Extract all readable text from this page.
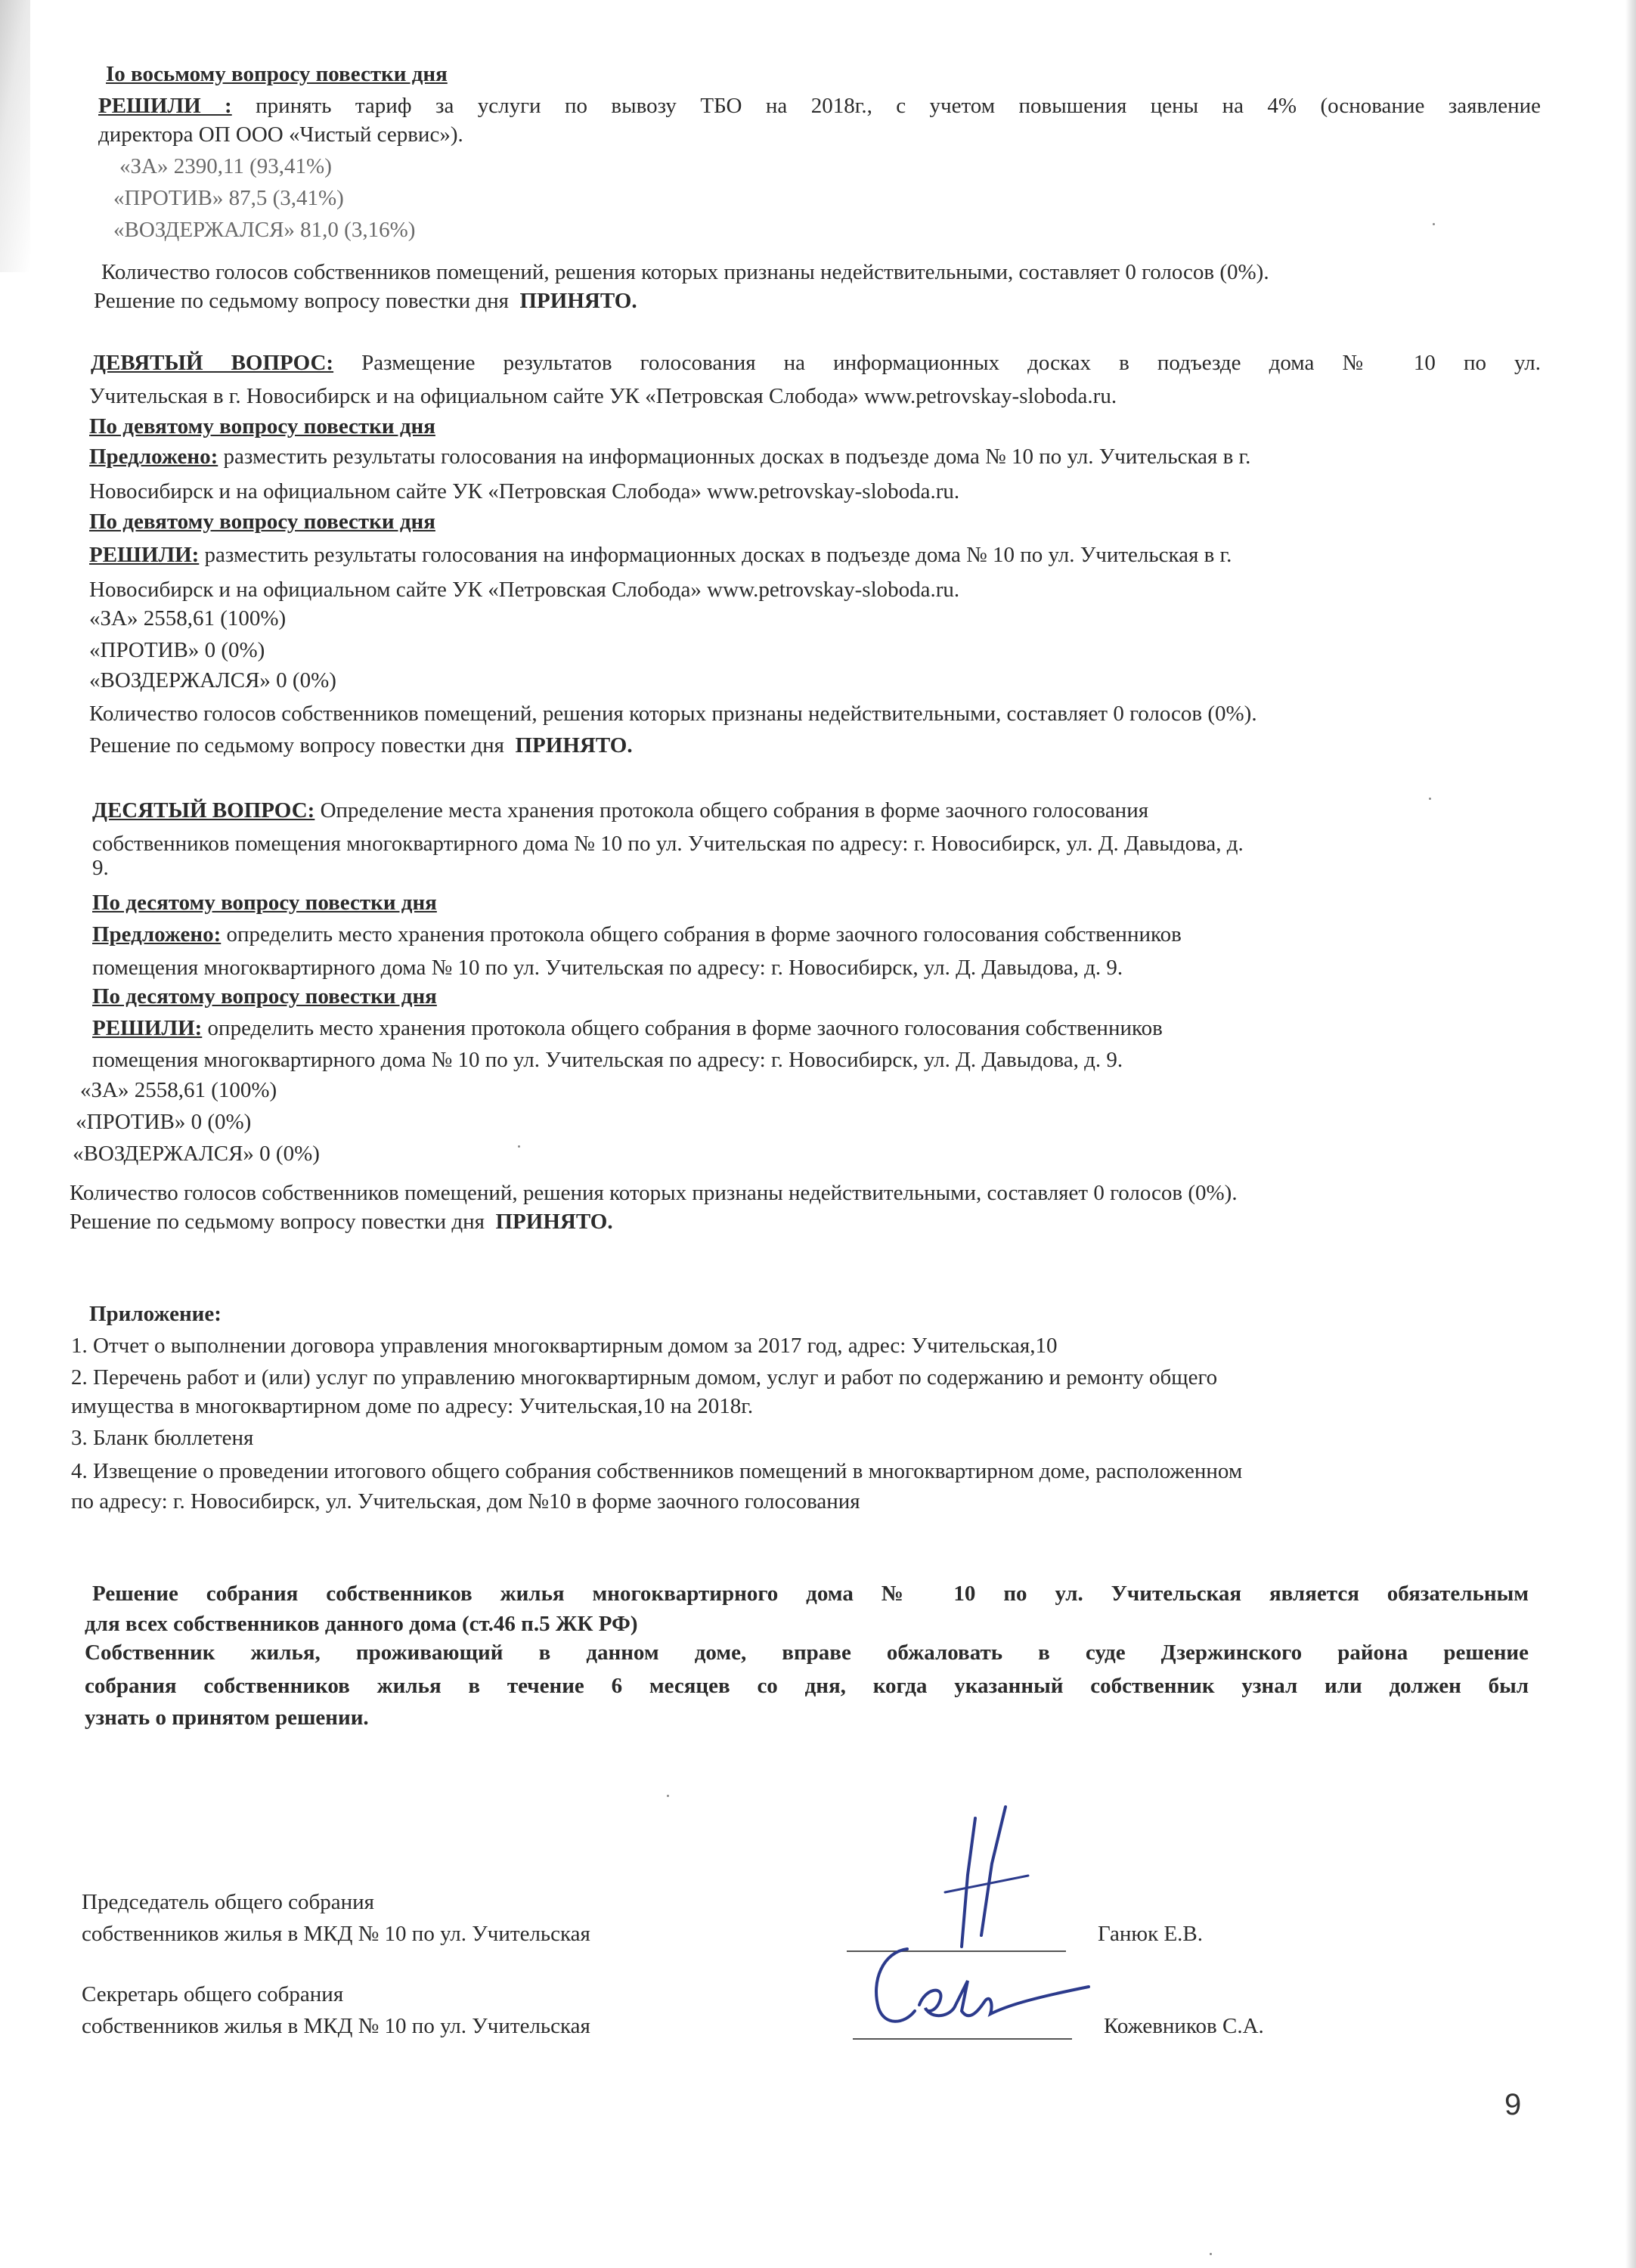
Іо восьмому вопросу повестки дня
РЕШИЛИ : принять тариф за услуги по вывозу ТБО на 2018г., с учетом повышения цены на 4% (основание заявление
директора ОП ООО «Чистый сервис»).
«ЗА» 2390,11 (93,41%)
«ПРОТИВ» 87,5 (3,41%)
«ВОЗДЕРЖАЛСЯ» 81,0 (3,16%)
Количество голосов собственников помещений, решения которых признаны недействительными, составляет 0 голосов (0%).
Решение по седьмому вопросу повестки дня ПРИНЯТО.
ДЕВЯТЫЙ ВОПРОС: Размещение результатов голосования на информационных досках в подъезде дома № 10 по ул.
Учительская в г. Новосибирск и на официальном сайте УК «Петровская Слобода» www.petrovskay-sloboda.ru.
По девятому вопросу повестки дня
Предложено: разместить результаты голосования на информационных досках в подъезде дома № 10 по ул. Учительская в г.
Новосибирск и на официальном сайте УК «Петровская Слобода» www.petrovskay-sloboda.ru.
По девятому вопросу повестки дня
РЕШИЛИ: разместить результаты голосования на информационных досках в подъезде дома № 10 по ул. Учительская в г.
Новосибирск и на официальном сайте УК «Петровская Слобода» www.petrovskay-sloboda.ru.
«ЗА» 2558,61 (100%)
«ПРОТИВ» 0 (0%)
«ВОЗДЕРЖАЛСЯ» 0 (0%)
Количество голосов собственников помещений, решения которых признаны недействительными, составляет 0 голосов (0%).
Решение по седьмому вопросу повестки дня ПРИНЯТО.
ДЕСЯТЫЙ ВОПРОС: Определение места хранения протокола общего собрания в форме заочного голосования
собственников помещения многоквартирного дома № 10 по ул. Учительская по адресу: г. Новосибирск, ул. Д. Давыдова, д.
9.
По десятому вопросу повестки дня
Предложено: определить место хранения протокола общего собрания в форме заочного голосования собственников
помещения многоквартирного дома № 10 по ул. Учительская по адресу: г. Новосибирск, ул. Д. Давыдова, д. 9.
По десятому вопросу повестки дня
РЕШИЛИ: определить место хранения протокола общего собрания в форме заочного голосования собственников
помещения многоквартирного дома № 10 по ул. Учительская по адресу: г. Новосибирск, ул. Д. Давыдова, д. 9.
«ЗА» 2558,61 (100%)
«ПРОТИВ» 0 (0%)
«ВОЗДЕРЖАЛСЯ» 0 (0%)
Количество голосов собственников помещений, решения которых признаны недействительными, составляет 0 голосов (0%).
Решение по седьмому вопросу повестки дня ПРИНЯТО.
Приложение:
1. Отчет о выполнении договора управления многоквартирным домом за 2017 год, адрес: Учительская,10
2. Перечень работ и (или) услуг по управлению многоквартирным домом, услуг и работ по содержанию и ремонту общего
имущества в многоквартирном доме по адресу: Учительская,10 на 2018г.
3. Бланк бюллетеня
4. Извещение о проведении итогового общего собрания собственников помещений в многоквартирном доме, расположенном
по адресу: г. Новосибирск, ул. Учительская, дом №10 в форме заочного голосования
Решение собрания собственников жилья многоквартирного дома № 10 по ул. Учительская является обязательным
для всех собственников данного дома (ст.46 п.5 ЖК РФ)
Собственник жилья, проживающий в данном доме, вправе обжаловать в суде Дзержинского района решение
собрания собственников жилья в течение 6 месяцев со дня, когда указанный собственник узнал или должен был
узнать о принятом решении.
Председатель общего собрания
собственников жилья в МКД № 10 по ул. Учительская	Ганюк Е.В.
Секретарь общего собрания
собственников жилья в МКД № 10 по ул. Учительская	Кожевников С.А.
9
